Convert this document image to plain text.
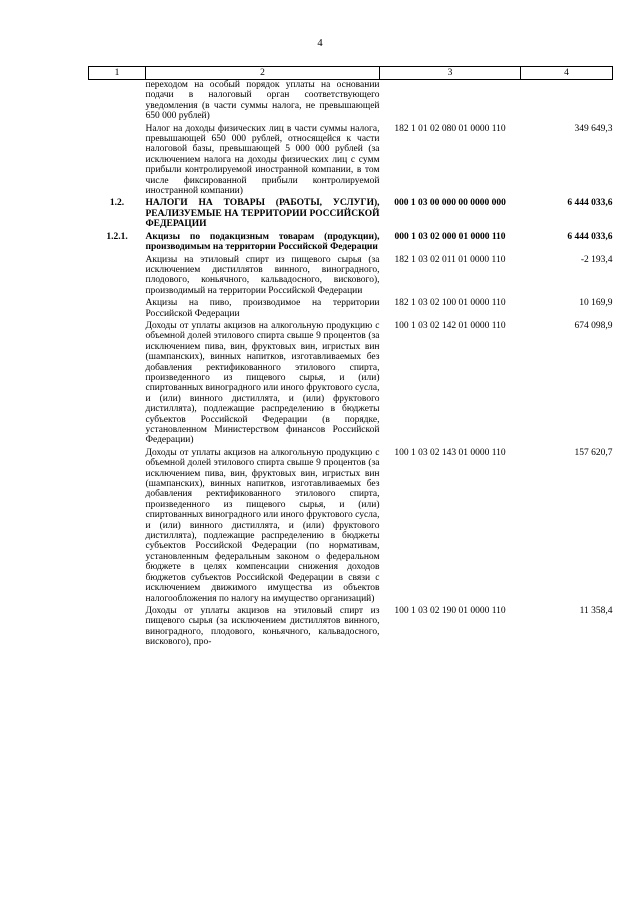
4
1	2	3	4
	переходом на особый порядок уплаты на основании подачи в налоговый орган соответствующего уведомления (в части суммы налога, не превышающей 650 000 рублей)		
	Налог на доходы физических лиц в части суммы налога, превышающей 650 000 рублей, относящейся к части налоговой базы, превышающей 5 000 000 рублей (за исключением налога на доходы физических лиц с сумм прибыли контролируемой иностранной компании, в том числе фиксированной прибыли контролируемой иностранной компании)	182 1 01 02 080 01 0000 110	349 649,3
1.2.	НАЛОГИ НА ТОВАРЫ (РАБОТЫ, УСЛУГИ), РЕАЛИЗУЕМЫЕ НА ТЕРРИТОРИИ РОССИЙСКОЙ ФЕДЕРАЦИИ	000 1 03 00 000 00 0000 000	6 444 033,6
1.2.1.	Акцизы по подакцизным товарам (продукции), производимым на территории Российской Федерации	000 1 03 02 000 01 0000 110	6 444 033,6
	Акцизы на этиловый спирт из пищевого сырья (за исключением дистиллятов винного, виноградного, плодового, коньячного, кальвадосного, вискового), производимый на территории Российской Федерации	182 1 03 02 011 01 0000 110	-2 193,4
	Акцизы на пиво, производимое на территории Российской Федерации	182 1 03 02 100 01 0000 110	10 169,9
	Доходы от уплаты акцизов на алкогольную продукцию с объемной долей этилового спирта свыше 9 процентов (за исключением пива, вин, фруктовых вин, игристых вин (шампанских), винных напитков, изготавливаемых без добавления ректификованного этилового спирта, произведенного из пищевого сырья, и (или) спиртованных виноградного или иного фруктового сусла, и (или) винного дистиллята, и (или) фруктового дистиллята), подлежащие распределению в бюджеты субъектов Российской Федерации (в порядке, установленном Министерством финансов Российской Федерации)	100 1 03 02 142 01 0000 110	674 098,9
	Доходы от уплаты акцизов на алкогольную продукцию с объемной долей этилового спирта свыше 9 процентов (за исключением пива, вин, фруктовых вин, игристых вин (шампанских), винных напитков, изготавливаемых без добавления ректификованного этилового спирта, произведенного из пищевого сырья, и (или) спиртованных виноградного или иного фруктового сусла, и (или) винного дистиллята, и (или) фруктового дистиллята), подлежащие распределению в бюджеты субъектов Российской Федерации (по нормативам, установленным федеральным законом о федеральном бюджете в целях компенсации снижения доходов бюджетов субъектов Российской Федерации в связи с исключением движимого имущества из объектов налогообложения по налогу на имущество организаций)	100 1 03 02 143 01 0000 110	157 620,7
	Доходы от уплаты акцизов на этиловый спирт из пищевого сырья (за исключением дистиллятов винного, виноградного, плодового, коньячного, кальвадосного, вискового), про-	100 1 03 02 190 01 0000 110	11 358,4
